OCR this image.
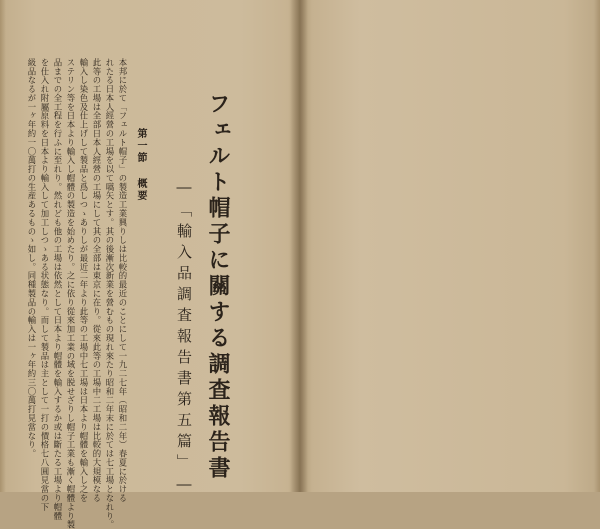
フェルト帽子に關する調査報告書
―「輸入品調査報告書第五篇」―
第一節概要
本邦に於て「フェルト帽子」の製造工業興りしは比較的最近のことにして一九二七年（昭和二年）春夏に於ける
れたる日本人經營の工場を以て嚆矢とす。其の後漸次新業を營むもの現れ來たり昭和二年末に於ては七工場となれり。
此等の工場は全部日本人經營の工場にして其の全部は東京に在り。從來此等の工場中二工場は比較的大規模なる
輸入し染色及仕上げして製品と爲しつゝありしが最近二年より此等の工場中七工場は日本より帽體を輸入し之を
ステリン等を日本より輸入し帽體の製造を始めたり。之に依り從來加工業の域を脱せざりし帽子工業も漸く帽體より製
品までの全工程を行ふに至れり。然れども他の工場は依然として日本より帽體を輸入するか或は斷たる工場より帽體
を仕入れ附屬原料を日本より輸入して加工しつゝある状態なり。而して製品は主として一打の價格七八圓見當の下
級品なるが一ヶ年約一〇萬打の生産あるものゝ如し。同種製品の輸入は一ヶ年約三〇萬打見當なり。
